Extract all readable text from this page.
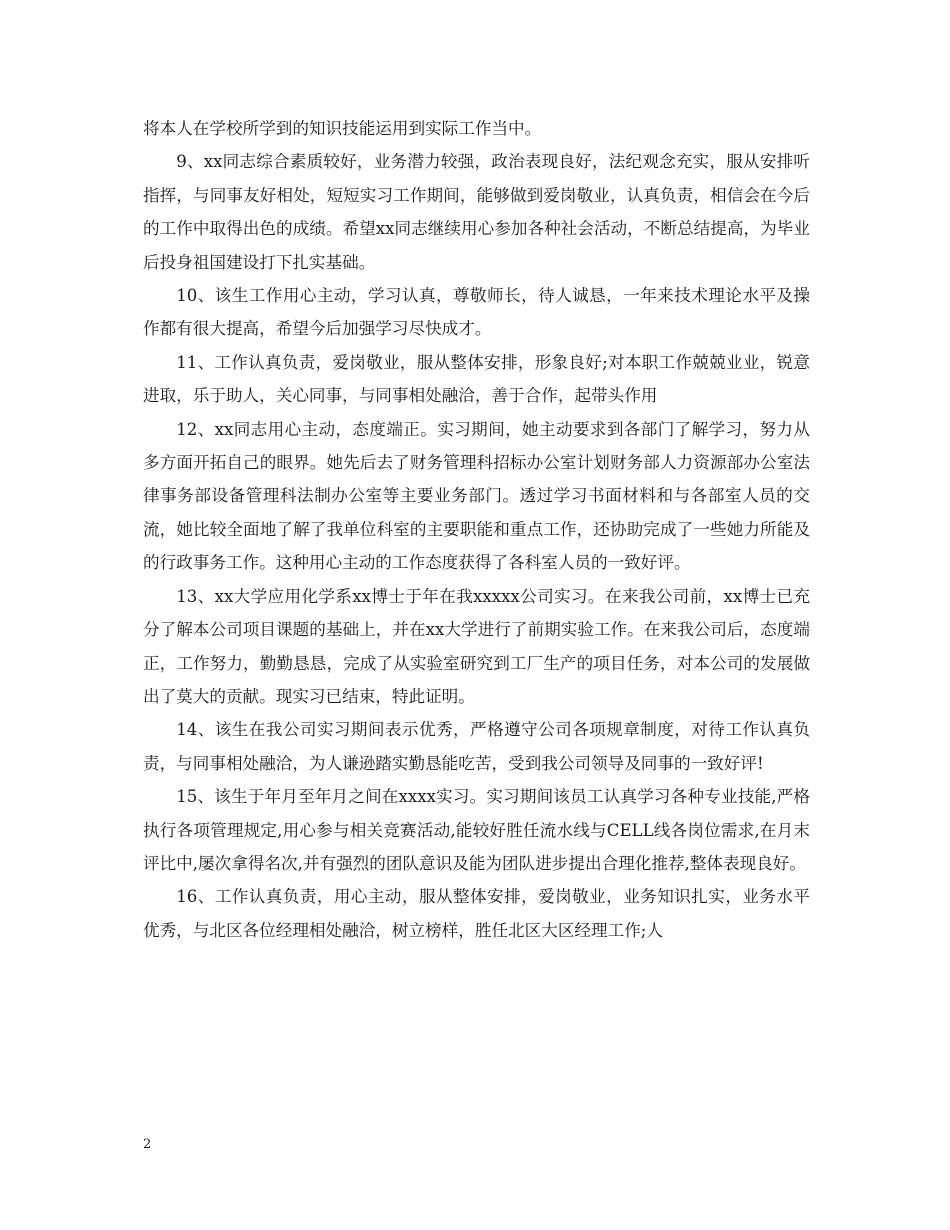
将本人在学校所学到的知识技能运用到实际工作当中。

9、xx同志综合素质较好，业务潜力较强，政治表现良好，法纪观念充实，服从安排听指挥，与同事友好相处，短短实习工作期间，能够做到爱岗敬业，认真负责，相信会在今后的工作中取得出色的成绩。希望xx同志继续用心参加各种社会活动，不断总结提高，为毕业后投身祖国建设打下扎实基础。

10、该生工作用心主动，学习认真，尊敬师长，待人诚恳，一年来技术理论水平及操作都有很大提高，希望今后加强学习尽快成才。

11、工作认真负责，爱岗敬业，服从整体安排，形象良好;对本职工作兢兢业业，锐意进取，乐于助人，关心同事，与同事相处融洽，善于合作，起带头作用

12、xx同志用心主动，态度端正。实习期间，她主动要求到各部门了解学习，努力从多方面开拓自己的眼界。她先后去了财务管理科招标办公室计划财务部人力资源部办公室法律事务部设备管理科法制办公室等主要业务部门。透过学习书面材料和与各部室人员的交流，她比较全面地了解了我单位科室的主要职能和重点工作，还协助完成了一些她力所能及的行政事务工作。这种用心主动的工作态度获得了各科室人员的一致好评。

13、xx大学应用化学系xx博士于年在我xxxxx公司实习。在来我公司前，xx博士已充分了解本公司项目课题的基础上，并在xx大学进行了前期实验工作。在来我公司后，态度端正，工作努力，勤勤恳恳，完成了从实验室研究到工厂生产的项目任务，对本公司的发展做出了莫大的贡献。现实习已结束，特此证明。

14、该生在我公司实习期间表示优秀，严格遵守公司各项规章制度，对待工作认真负责，与同事相处融洽，为人谦逊踏实勤恳能吃苦，受到我公司领导及同事的一致好评!

15、该生于年月至年月之间在xxxx实习。实习期间该员工认真学习各种专业技能,严格执行各项管理规定,用心参与相关竞赛活动,能较好胜任流水线与CELL线各岗位需求,在月末评比中,屡次拿得名次,并有强烈的团队意识及能为团队进步提出合理化推荐,整体表现良好。

16、工作认真负责，用心主动，服从整体安排，爱岗敬业，业务知识扎实，业务水平优秀，与北区各位经理相处融洽，树立榜样，胜任北区大区经理工作;人

2
